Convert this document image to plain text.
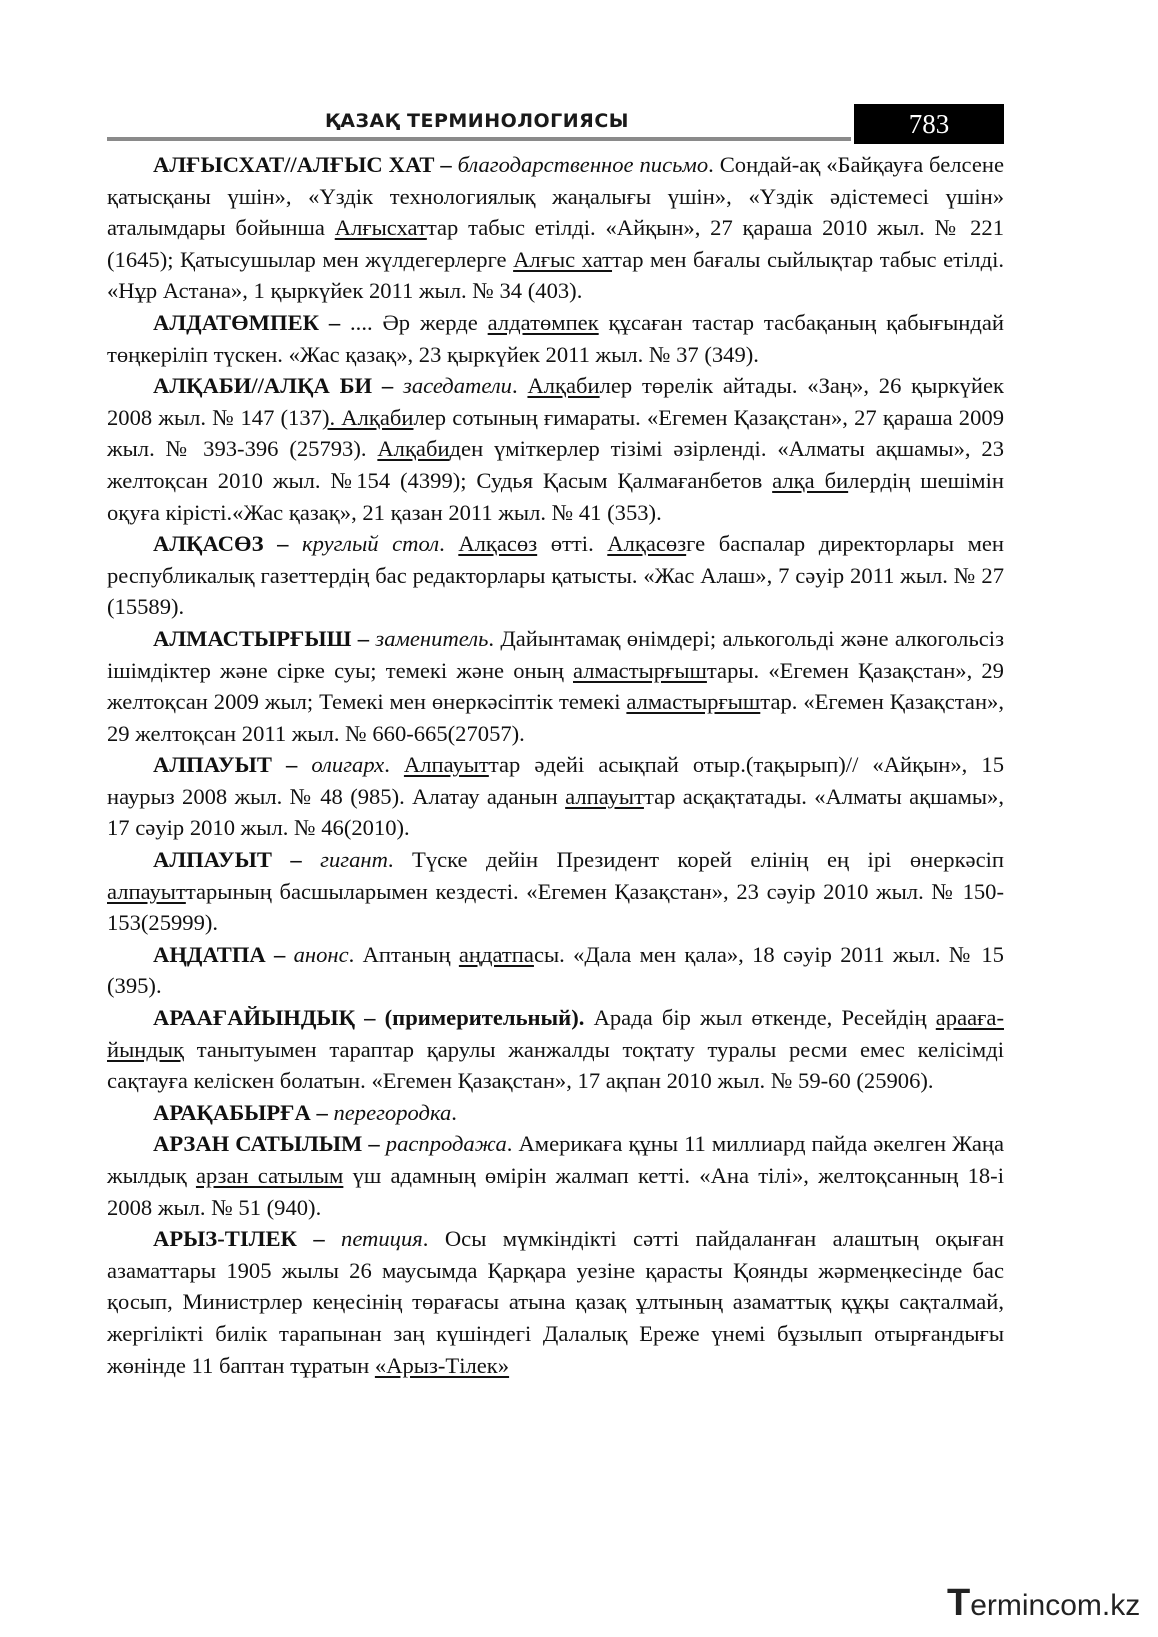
ҚАЗАҚ ТЕРМИНОЛОГИЯСЫ	783

АЛҒЫСХАТ//АЛҒЫС ХАТ – благодарственное письмо. Сондай-ақ «Байқауға белсене қатысқаны үшін», «Үздік технологиялық жаңалығы үшін», «Үздік әдістемесі үшін» аталымдары бойынша Алғысхаттар табыс етілді. «Айқын», 27 қараша 2010 жыл. № 221 (1645); Қатысушылар мен жүлдегерлерге Алғыс хаттар мен бағалы сыйлықтар табыс етілді. «Нұр Астана», 1 қыркүйек 2011 жыл. № 34 (403).

АЛДАТӨМПЕК – .... Әр жерде алдатөмпек құсаған тастар тасбақаның қабығындай төңкеріліп түскен. «Жас қазақ», 23 қыркүйек 2011 жыл. № 37 (349).

АЛҚАБИ//АЛҚА БИ – заседатели. Алқабилер төрелік айтады. «Заң», 26 қыркүйек 2008 жыл. № 147 (137). Алқабилер сотының ғимараты. «Егемен Қазақстан», 27 қараша 2009 жыл. № 393-396 (25793). Алқабиден үміткерлер тізімі әзірленді. «Алматы ақшамы», 23 желтоқсан 2010 жыл. №154 (4399); Судья Қасым Қалмағанбетов алқа билердің шешімін оқуға кірісті.«Жас қазақ», 21 қазан 2011 жыл. № 41 (353).

АЛҚАСӨЗ – круглый стол. Алқасөз өтті. Алқасөзге баспалар директорлары мен республикалық газеттердің бас редакторлары қатысты. «Жас Алаш», 7 сәуір 2011 жыл. № 27 (15589).

АЛМАСТЫРҒЫШ – заменитель. Дайынтамақ өнімдері; алькогольді және алкогольсіз ішімдіктер және сірке суы; темекі және оның алмастырғыштары. «Егемен Қазақстан», 29 желтоқсан 2009 жыл; Темекі мен өнеркәсіптік темекі алмастырғыштар. «Егемен Қазақстан», 29 желтоқсан 2011 жыл. № 660-665(27057).

АЛПАУЫТ – олигарх. Алпауыттар әдейі асықпай отыр.(тақырып)// «Айқын», 15 наурыз 2008 жыл. № 48 (985). Алатау аданын алпауыттар асқақтатады. «Алматы ақшамы», 17 сәуір 2010 жыл. № 46(2010).

АЛПАУЫТ – гигант. Түске дейін Президент корей елінің ең ірі өнеркәсіп алпауыттарының басшыларымен кездесті. «Егемен Қазақстан», 23 сәуір 2010 жыл. № 150-153(25999).

АҢДАТПА – анонс. Аптаның аңдатпасы. «Дала мен қала», 18 сәуір 2011 жыл. № 15 (395).

АРААҒАЙЫНДЫҚ – (примерительный). Арада бір жыл өткенде, Ресейдің араағайындық танытуымен тараптар қарулы жанжалды тоқтату туралы ресми емес келісімді сақтауға келіскен болатын. «Егемен Қазақстан», 17 ақпан 2010 жыл. № 59-60 (25906).

АРАҚАБЫРҒА – перегородка.

АРЗАН САТЫЛЫМ – распродажа. Америкаға құны 11 миллиард пайда әкелген Жаңа жылдық арзан сатылым үш адамның өмірін жалмап кетті. «Ана тілі», желтоқсанның 18-і 2008 жыл. № 51 (940).

АРЫЗ-ТІЛЕК – петиция. Осы мүмкіндікті сәтті пайдаланған алаштың оқыған азаматтары 1905 жылы 26 маусымда Қарқара уезіне қарасты Қоянды жәрмеңкесінде бас қосып, Министрлер кеңесінің төрағасы атына қазақ ұлтының азаматтық құқы сақталмай, жергілікті билік тарапынан заң күшіндегі Далалық Ереже үнемі бұзылып отырғандығы жөнінде 11 баптан тұратын «Арыз-Тілек»

Termincom.kz
